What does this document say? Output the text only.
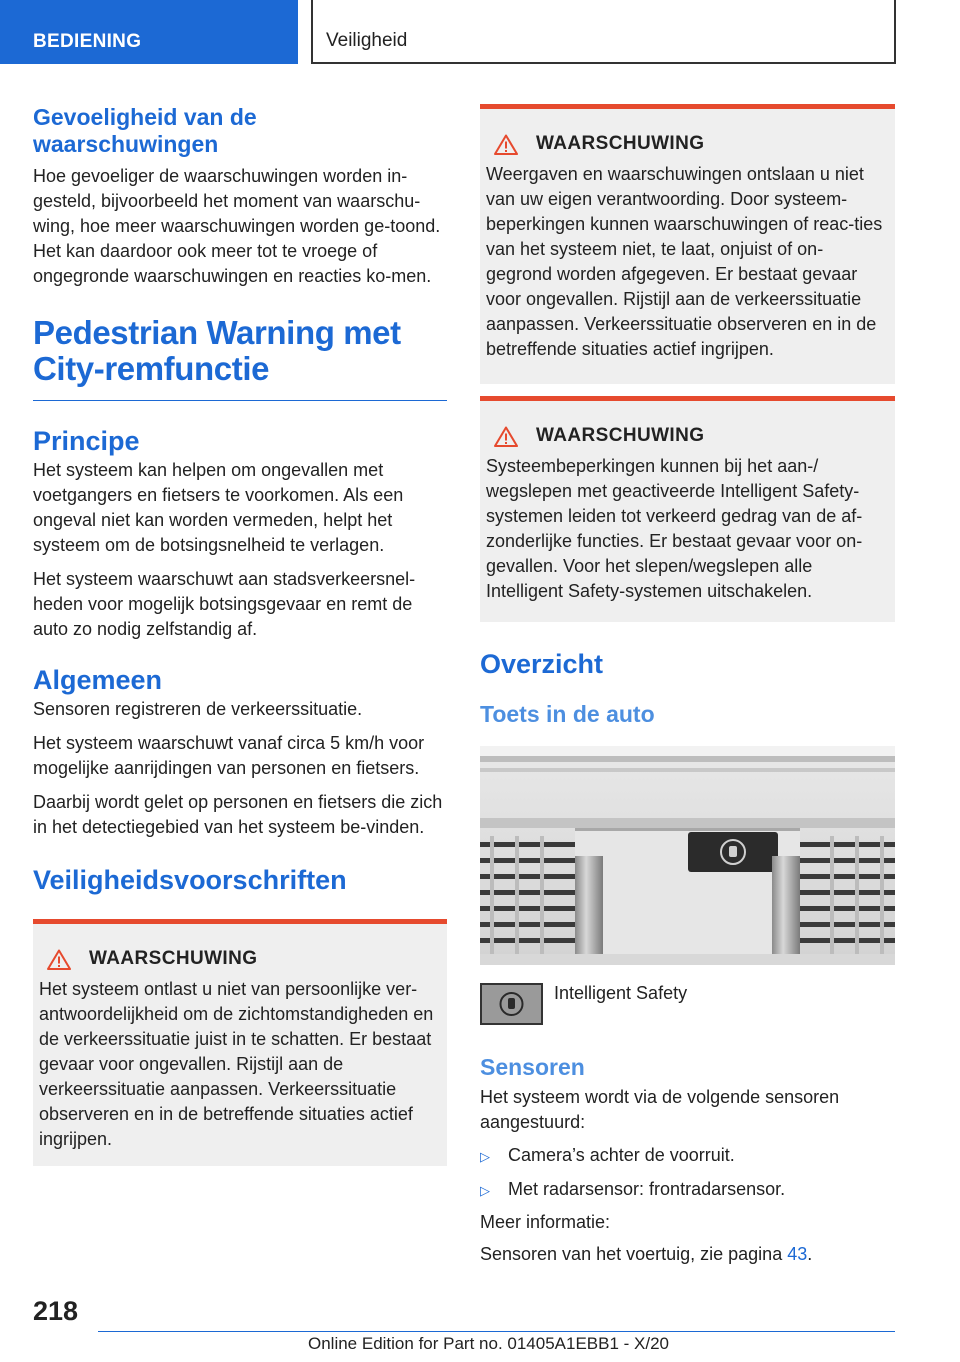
BEDIENING	Veiligheid
Gevoeligheid van de waarschuwingen

Hoe gevoeliger de waarschuwingen worden in-gesteld, bijvoorbeeld het moment van waarschu-wing, hoe meer waarschuwingen worden ge-toond. Het kan daardoor ook meer tot te vroege of ongegronde waarschuwingen en reacties ko-men.

Pedestrian Warning met City-remfunctie
Principe

Het systeem kan helpen om ongevallen met voetgangers en fietsers te voorkomen. Als een ongeval niet kan worden vermeden, helpt het systeem om de botsingsnelheid te verlagen.

Het systeem waarschuwt aan stadsverkeersnel-heden voor mogelijk botsingsgevaar en remt de auto zo nodig zelfstandig af.

Algemeen

Sensoren registreren de verkeerssituatie.

Het systeem waarschuwt vanaf circa 5 km/h voor mogelijke aanrijdingen van personen en fietsers.

Daarbij wordt gelet op personen en fietsers die zich in het detectiegebied van het systeem be-vinden.

Veiligheidsvoorschriften
WAARSCHUWING

Het systeem ontlast u niet van persoonlijke ver-antwoordelijkheid om de zichtomstandigheden en de verkeerssituatie juist in te schatten. Er bestaat gevaar voor ongevallen. Rijstijl aan de verkeerssituatie aanpassen. Verkeerssituatie observeren en in de betreffende situaties actief ingrijpen.

WAARSCHUWING

Weergaven en waarschuwingen ontslaan u niet van uw eigen verantwoording. Door systeem-beperkingen kunnen waarschuwingen of reac-ties van het systeem niet, te laat, onjuist of on-gegrond worden afgegeven. Er bestaat gevaar voor ongevallen. Rijstijl aan de verkeerssituatie aanpassen. Verkeerssituatie observeren en in de betreffende situaties actief ingrijpen.

WAARSCHUWING

Systeembeperkingen kunnen bij het aan-/ wegslepen met geactiveerde Intelligent Safety-systemen leiden tot verkeerd gedrag van de af-zonderlijke functies. Er bestaat gevaar voor on-gevallen. Voor het slepen/wegslepen alle Intelligent Safety-systemen uitschakelen.

Overzicht
Toets in de auto
Intelligent Safety
Sensoren

Het systeem wordt via de volgende sensoren aangestuurd:

▷	Camera’s achter de voorruit.
▷	Met radarsensor: frontradarsensor.

Meer informatie:

Sensoren van het voertuig, zie pagina 43.

218
Online Edition for Part no. 01405A1EBB1 - X/20
